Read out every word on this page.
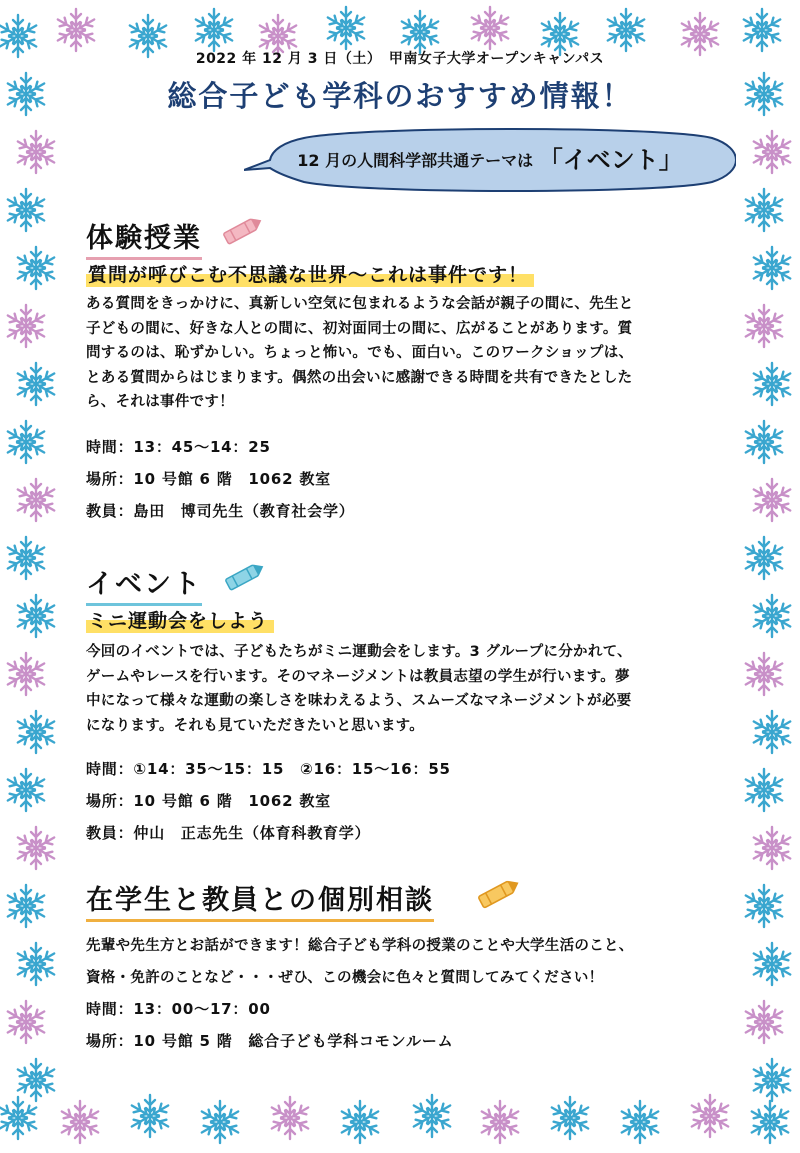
2022 年 12 月 3 日（土）　甲南女子大学オープンキャンパス
総合子ども学科のおすすめ情報！
12 月の人間科学部共通テーマは 「イベント」
体験授業
質問が呼びこむ不思議な世界～これは事件です！
ある質問をきっかけに、真新しい空気に包まれるような会話が親子の間に、先生と
子どもの間に、好きな人との間に、初対面同士の間に、広がることがあります。質
問するのは、恥ずかしい。ちょっと怖い。でも、面白い。このワークショップは、
とある質問からはじまります。偶然の出会いに感謝できる時間を共有できたとした
ら、それは事件です！
時間：13：45～14：25
場所：10 号館 6 階　1062 教室
教員：島田　博司先生（教育社会学）
イベント
ミニ運動会をしよう
今回のイベントでは、子どもたちがミニ運動会をします。3 グループに分かれて、
ゲームやレースを行います。そのマネージメントは教員志望の学生が行います。夢
中になって様々な運動の楽しさを味わえるよう、スムーズなマネージメントが必要
になります。それも見ていただきたいと思います。
時間：①14：35～15：15　②16：15～16：55
場所：10 号館 6 階　1062 教室
教員：仲山　正志先生（体育科教育学）
在学生と教員との個別相談
先輩や先生方とお話ができます！総合子ども学科の授業のことや大学生活のこと、
資格・免許のことなど・・・ぜひ、この機会に色々と質問してみてください！
時間：13：00～17：00
場所：10 号館 5 階　総合子ども学科コモンルーム
